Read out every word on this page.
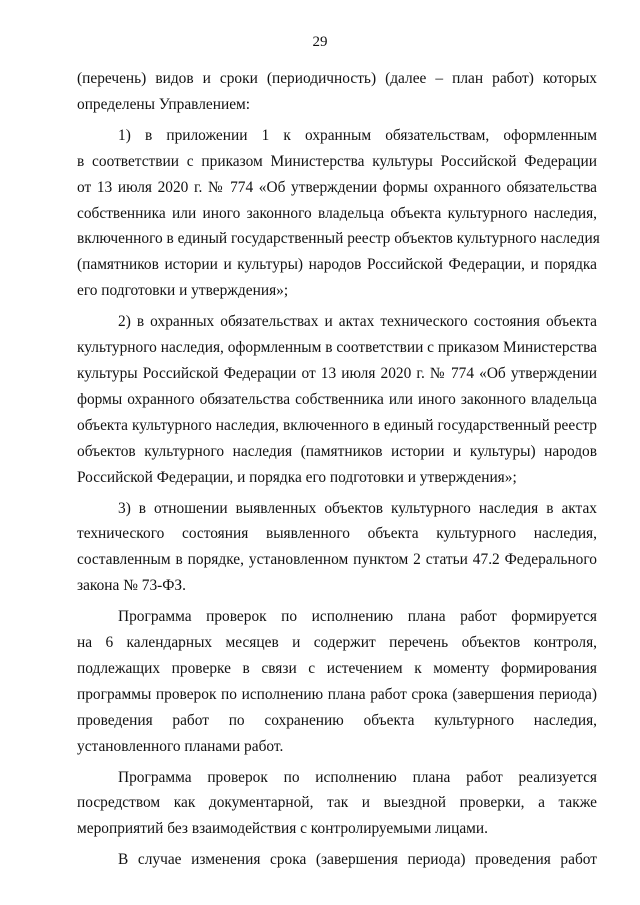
29
(перечень) видов и сроки (периодичность) (далее – план работ) которых
определены Управлением:
1) в приложении 1 к охранным обязательствам, оформленным
в соответствии с приказом Министерства культуры Российской Федерации
от 13 июля 2020 г. № 774 «Об утверждении формы охранного обязательства
собственника или иного законного владельца объекта культурного наследия,
включенного в единый государственный реестр объектов культурного наследия
(памятников истории и культуры) народов Российской Федерации, и порядка
его подготовки и утверждения»;
2) в охранных обязательствах и актах технического состояния объекта
культурного наследия, оформленным в соответствии с приказом Министерства
культуры Российской Федерации от 13 июля 2020 г. № 774 «Об утверждении
формы охранного обязательства собственника или иного законного владельца
объекта культурного наследия, включенного в единый государственный реестр
объектов культурного наследия (памятников истории и культуры) народов
Российской Федерации, и порядка его подготовки и утверждения»;
3) в отношении выявленных объектов культурного наследия в актах
технического состояния выявленного объекта культурного наследия,
составленным в порядке, установленном пунктом 2 статьи 47.2 Федерального
закона № 73-ФЗ.
Программа проверок по исполнению плана работ формируется
на 6 календарных месяцев и содержит перечень объектов контроля,
подлежащих проверке в связи с истечением к моменту формирования
программы проверок по исполнению плана работ срока (завершения периода)
проведения работ по сохранению объекта культурного наследия,
установленного планами работ.
Программа проверок по исполнению плана работ реализуется
посредством как документарной, так и выездной проверки, а также
мероприятий без взаимодействия с контролируемыми лицами.
В случае изменения срока (завершения периода) проведения работ
